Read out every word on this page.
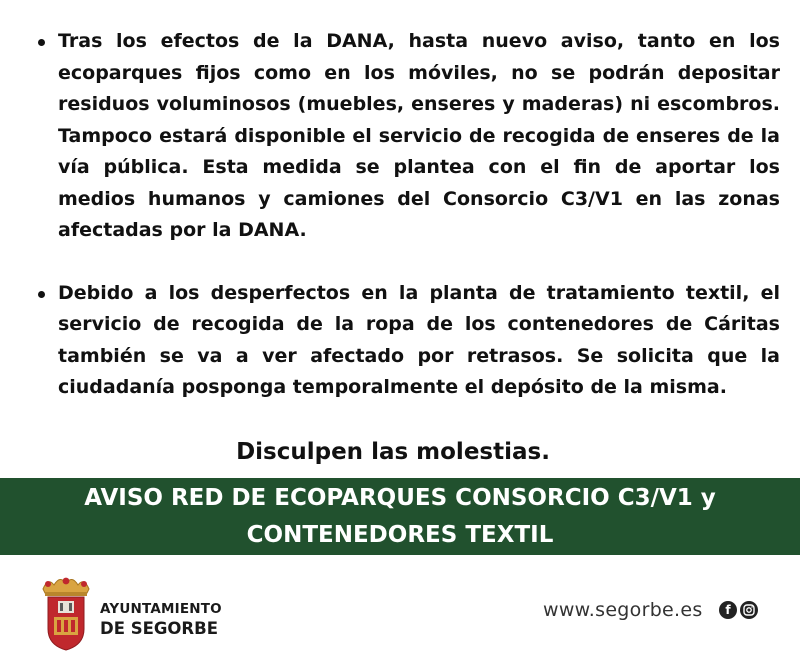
Tras los efectos de la DANA, hasta nuevo aviso, tanto en los ecoparques fijos como en los móviles, no se podrán depositar residuos voluminosos (muebles, enseres y maderas) ni escombros. Tampoco estará disponible el servicio de recogida de enseres de la vía pública. Esta medida se plantea con el fin de aportar los medios humanos y camiones del Consorcio C3/V1 en las zonas afectadas por la DANA.
Debido a los desperfectos en la planta de tratamiento textil, el servicio de recogida de la ropa de los contenedores de Cáritas también se va a ver afectado por retrasos. Se solicita que la ciudadanía posponga temporalmente el depósito de la misma.
Disculpen las molestias.
AVISO RED DE ECOPARQUES CONSORCIO C3/V1 y
CONTENEDORES TEXTIL
AYUNTAMIENTO
DE SEGORBE
www.segorbe.es	f
